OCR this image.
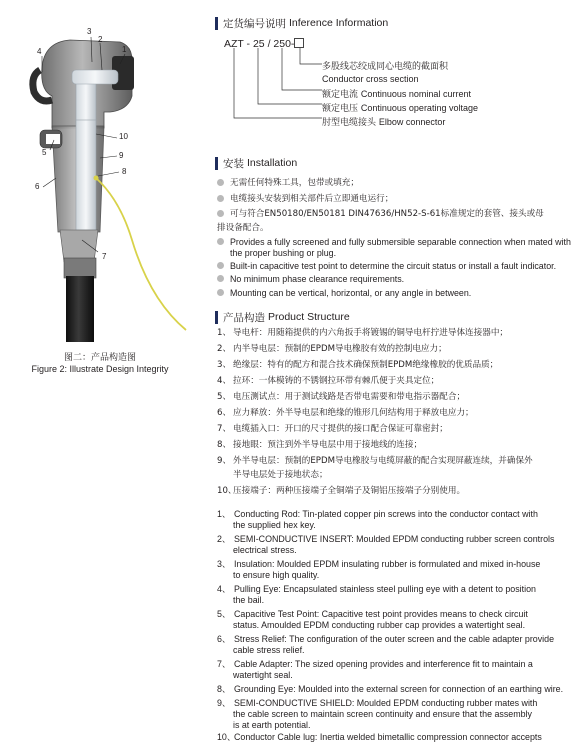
3
2
1
4
5
6
7
8
9
10
图二：产品构造图
Figure 2: Illustrate Design Integrity
定货编号说明 Inference Information
AZT - 25 / 250-
多股线芯绞成同心电缆的截面积
Conductor cross section
额定电流 Continuous nominal current
额定电压 Continuous operating voltage
肘型电缆接头 Elbow connector
安装 Installation
无需任何特殊工具，包带或填充；
电缆接头安装到相关部件后立即通电运行；
可与符合EN50180/EN50181 DIN47636/HN52-S-61标准规定的套管、接头或母
排设备配合。
Provides a fully screened and fully submersible separable connection when mated with
the proper bushing or plug.
Built-in capacitive test point to determine the circuit status or install a fault indicator.
No minimum phase clearance requirements.
Mounting can be vertical, horizontal, or any angle in between.
产品构造 Product Structure
1、 导电杆：用随箱提供的内六角扳手将镀锡的铜导电杆拧进导体连接器中；
2、 内半导电层：预制的EPDM导电橡胶有效的控制电应力；
3、 绝缘层：特有的配方和混合技术确保预制EPDM绝缘橡胶的优质品质；
4、 拉环：一体模铸的不锈钢拉环带有棘爪便于夹具定位；
5、 电压测试点：用于测试线路是否带电需要和带电指示器配合；
6、 应力释放：外半导电层和绝缘的锥形几何结构用于释放电应力；
7、 电缆插入口：开口的尺寸提供的接口配合保证可靠密封；
8、 接地眼：预注到外半导电层中用于接地线的连接；
9、 外半导电层：预制的EPDM导电橡胶与电缆屏蔽的配合实现屏蔽连续，并确保外
半导电层处于接地状态；
10、压接端子：两种压接端子全铜端子及铜铝压接端子分别使用。
1、 Conducting Rod: Tin-plated copper pin screws into the conductor contact with
the supplied hex key.
2、 SEMI-CONDUCTIVE INSERT: Moulded EPDM conducting rubber screen controls
electrical stress.
3、 Insulation: Moulded EPDM insulating rubber is formulated and mixed in-house
to ensure high quality.
4、 Pulling Eye: Encapsulated stainless steel pulling eye with a detent to position
the bail.
5、 Capacitive Test Point: Capacitive test point provides means to check circuit
status. Amoulded EPDM conducting rubber cap provides a watertight seal.
6、 Stress Relief: The configuration of the outer screen and the cable adapter provide
cable stress relief.
7、 Cable Adapter: The sized opening provides and interference fit to maintain a
watertight seal.
8、 Grounding Eye: Moulded into the external screen for connection of an earthing wire.
9、 SEMI-CONDUCTIVE SHIELD: Moulded EPDM conducting rubber mates with
the cable screen to maintain screen continuity and ensure that the assembly
is at earth potential.
10、Conductor Cable lug: Inertia welded bimetallic compression connector accepts
